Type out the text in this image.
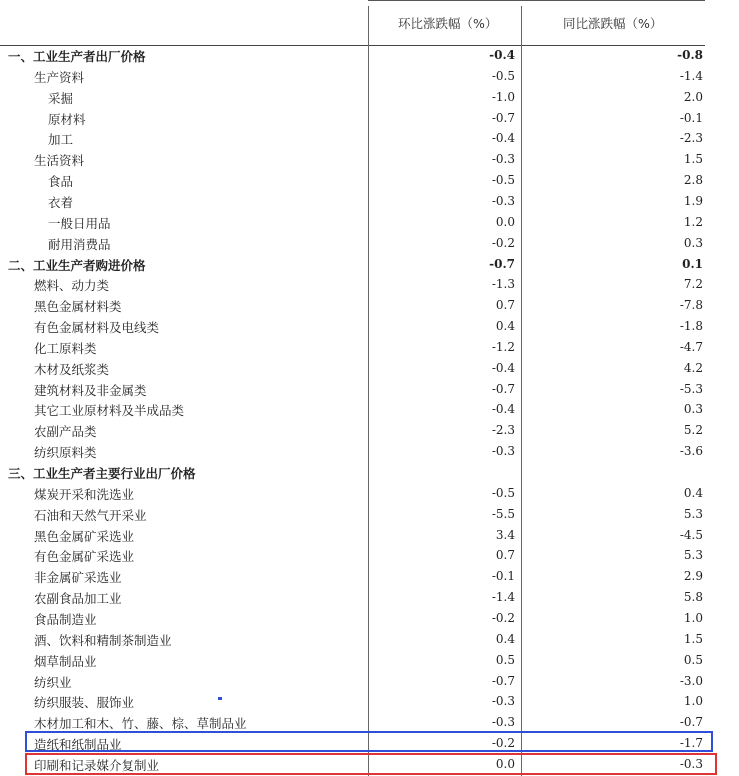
环比涨跌幅（%）	同比涨跌幅（%）
一、工业生产者出厂价格	-0.4	-0.8
生产资料	-0.5	-1.4
采掘	-1.0	2.0
原材料	-0.7	-0.1
加工	-0.4	-2.3
生活资料	-0.3	1.5
食品	-0.5	2.8
衣着	-0.3	1.9
一般日用品	0.0	1.2
耐用消费品	-0.2	0.3
二、工业生产者购进价格	-0.7	0.1
燃料、动力类	-1.3	7.2
黑色金属材料类	0.7	-7.8
有色金属材料及电线类	0.4	-1.8
化工原料类	-1.2	-4.7
木材及纸浆类	-0.4	4.2
建筑材料及非金属类	-0.7	-5.3
其它工业原材料及半成品类	-0.4	0.3
农副产品类	-2.3	5.2
纺织原料类	-0.3	-3.6
三、工业生产者主要行业出厂价格
煤炭开采和洗选业	-0.5	0.4
石油和天然气开采业	-5.5	5.3
黑色金属矿采选业	3.4	-4.5
有色金属矿采选业	0.7	5.3
非金属矿采选业	-0.1	2.9
农副食品加工业	-1.4	5.8
食品制造业	-0.2	1.0
酒、饮料和精制茶制造业	0.4	1.5
烟草制品业	0.5	0.5
纺织业	-0.7	-3.0
纺织服装、服饰业	-0.3	1.0
木材加工和木、竹、藤、棕、草制品业	-0.3	-0.7
造纸和纸制品业	-0.2	-1.7
印刷和记录媒介复制业	0.0	-0.3
